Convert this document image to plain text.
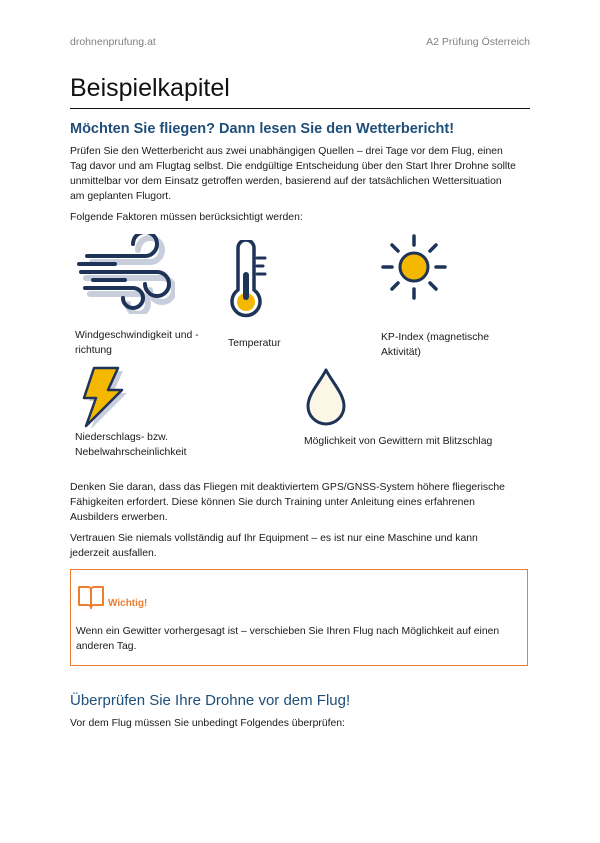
drohnenprufung.at	A2 Prüfung Österreich
Beispielkapitel
Möchten Sie fliegen? Dann lesen Sie den Wetterbericht!

Prüfen Sie den Wetterbericht aus zwei unabhängigen Quellen – drei Tage vor dem Flug, einen
Tag davor und am Flugtag selbst. Die endgültige Entscheidung über den Start Ihrer Drohne sollte
unmittelbar vor dem Einsatz getroffen werden, basierend auf der tatsächlichen Wettersituation
am geplanten Flugort.

Folgende Faktoren müssen berücksichtigt werden:

Windgeschwindigkeit und -
richtung

Temperatur

KP-Index (magnetische
Aktivität)

Niederschlags- bzw.
Nebelwahrscheinlichkeit

Möglichkeit von Gewittern mit Blitzschlag

Denken Sie daran, dass das Fliegen mit deaktiviertem GPS/GNSS-System höhere fliegerische
Fähigkeiten erfordert. Diese können Sie durch Training unter Anleitung eines erfahrenen
Ausbilders erwerben.

Vertrauen Sie niemals vollständig auf Ihr Equipment – es ist nur eine Maschine und kann
jederzeit ausfallen.

Wichtig!

Wenn ein Gewitter vorhergesagt ist – verschieben Sie Ihren Flug nach Möglichkeit auf einen
anderen Tag.

Überprüfen Sie Ihre Drohne vor dem Flug!

Vor dem Flug müssen Sie unbedingt Folgendes überprüfen:
